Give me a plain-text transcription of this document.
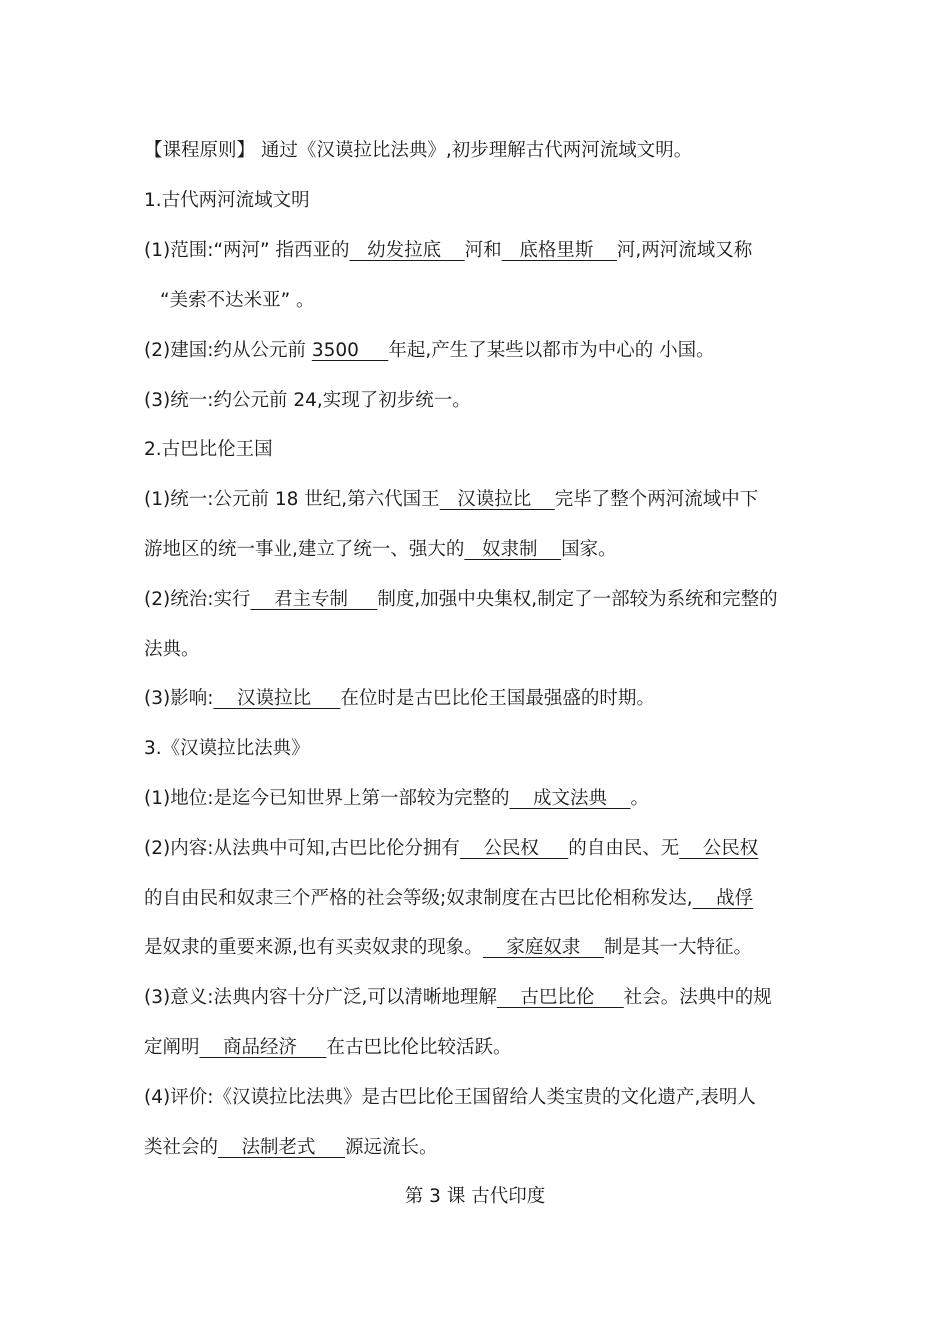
【课程原则】 通过《汉谟拉比法典》,初步理解古代两河流域文明。
1.古代两河流域文明
(1)范围:“两河” 指西亚的   幼发拉底    河和   底格里斯    河,两河流域又称
“美索不达米亚” 。
(2)建国:约从公元前 3500     年起,产生了某些以都市为中心的 小国。
(3)统一:约公元前 24,实现了初步统一。
2.古巴比伦王国
(1)统一:公元前 18 世纪,第六代国王   汉谟拉比    完毕了整个两河流域中下
游地区的统一事业,建立了统一、强大的   奴隶制    国家。
(2)统治:实行    君主专制     制度,加强中央集权,制定了一部较为系统和完整的
法典。
(3)影响:    汉谟拉比     在位时是古巴比伦王国最强盛的时期。
3.《汉谟拉比法典》
(1)地位:是迄今已知世界上第一部较为完整的    成文法典    。
(2)内容:从法典中可知,古巴比伦分拥有    公民权     的自由民、无    公民权
的自由民和奴隶三个严格的社会等级;奴隶制度在古巴比伦相称发达,    战俘
是奴隶的重要来源,也有买卖奴隶的现象。    家庭奴隶    制是其一大特征。
(3)意义:法典内容十分广泛,可以清晰地理解    古巴比伦     社会。法典中的规
定阐明    商品经济     在古巴比伦比较活跃。
(4)评价:《汉谟拉比法典》是古巴比伦王国留给人类宝贵的文化遗产,表明人
类社会的    法制老式     源远流长。
第 3 课 古代印度
